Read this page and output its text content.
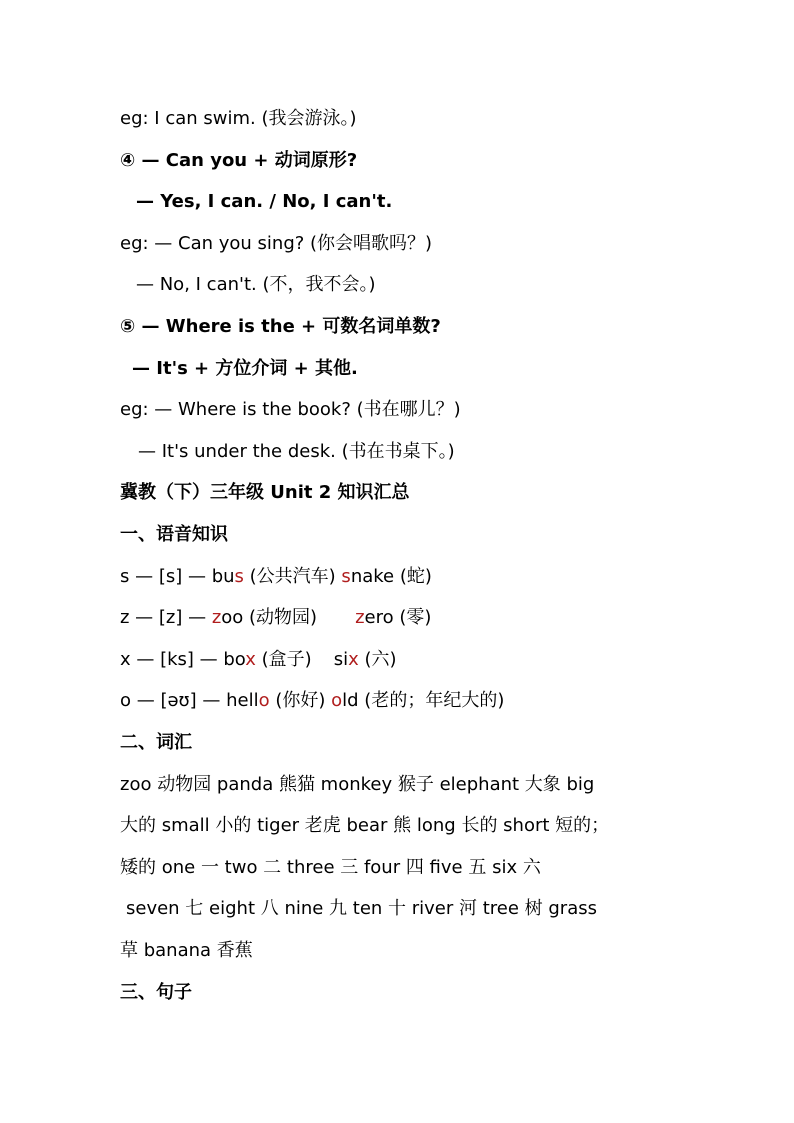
eg: I can swim. (我会游泳。)
④ — Can you + 动词原形?
— Yes, I can. / No, I can't.
eg: — Can you sing? (你会唱歌吗？)
— No, I can't. (不，我不会。)
⑤ — Where is the + 可数名词单数?
— It's + 方位介词 + 其他.
eg: — Where is the book? (书在哪儿？)
— It's under the desk. (书在书桌下。)
冀教（下）三年级 Unit 2 知识汇总
一、语音知识
s — [s] — bus (公共汽车) snake (蛇)
z — [z] — zoo (动物园) zero (零)
x — [ks] — box (盒子) six (六)
o — [əʊ] — hello (你好) old (老的；年纪大的)
二、词汇
zoo 动物园 panda 熊猫 monkey 猴子 elephant 大象 big
大的 small 小的 tiger 老虎 bear 熊 long 长的 short 短的；
矮的 one 一 two 二 three 三 four 四 five 五 six 六
seven 七 eight 八 nine 九 ten 十 river 河 tree 树 grass
草 banana 香蕉
三、句子
